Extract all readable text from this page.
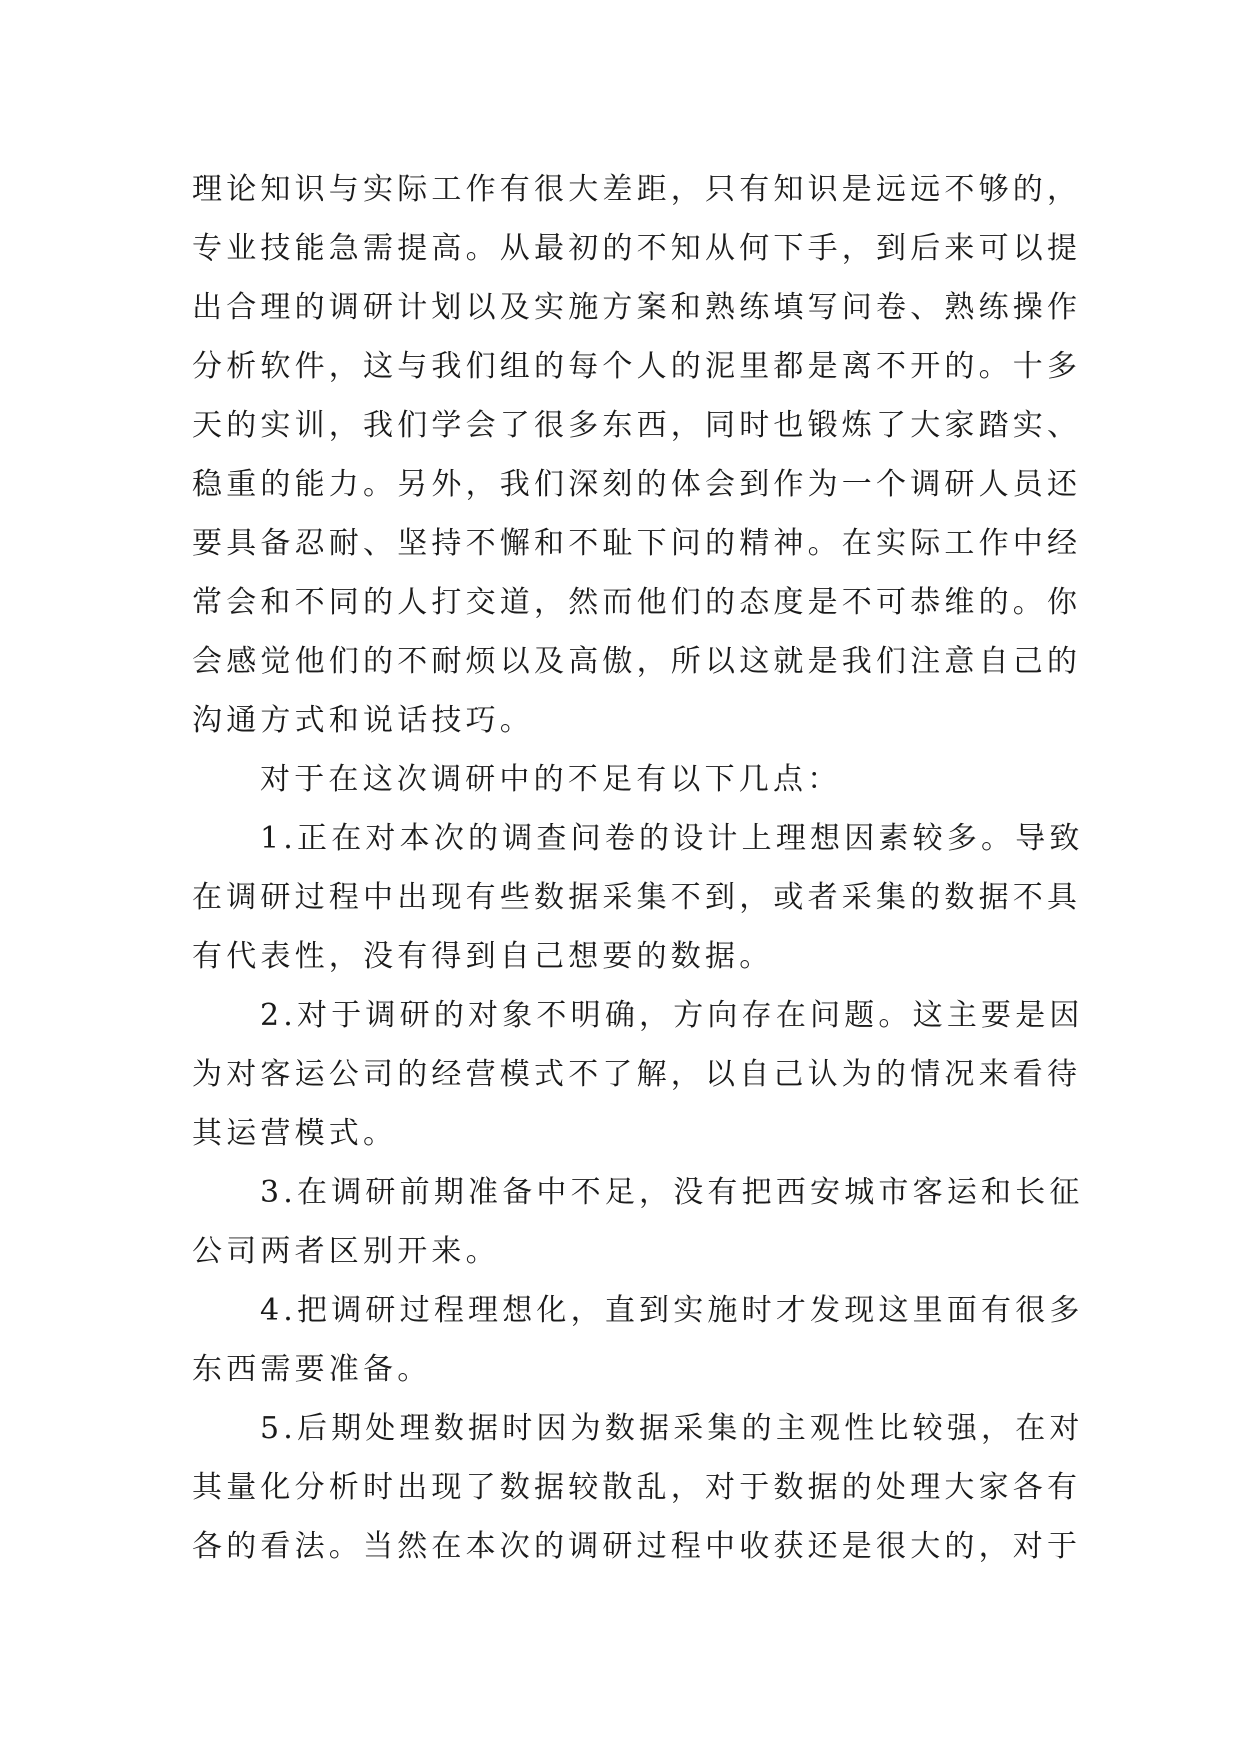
理论知识与实际工作有很大差距，只有知识是远远不够的，
专业技能急需提高。从最初的不知从何下手，到后来可以提
出合理的调研计划以及实施方案和熟练填写问卷、熟练操作
分析软件，这与我们组的每个人的泥里都是离不开的。十多
天的实训，我们学会了很多东西，同时也锻炼了大家踏实、
稳重的能力。另外，我们深刻的体会到作为一个调研人员还
要具备忍耐、坚持不懈和不耻下问的精神。在实际工作中经
常会和不同的人打交道，然而他们的态度是不可恭维的。你
会感觉他们的不耐烦以及高傲，所以这就是我们注意自己的
沟通方式和说话技巧。
对于在这次调研中的不足有以下几点：
1.正在对本次的调查问卷的设计上理想因素较多。导致
在调研过程中出现有些数据采集不到，或者采集的数据不具
有代表性，没有得到自己想要的数据。
2.对于调研的对象不明确，方向存在问题。这主要是因
为对客运公司的经营模式不了解，以自己认为的情况来看待
其运营模式。
3.在调研前期准备中不足，没有把西安城市客运和长征
公司两者区别开来。
4.把调研过程理想化，直到实施时才发现这里面有很多
东西需要准备。
5.后期处理数据时因为数据采集的主观性比较强，在对
其量化分析时出现了数据较散乱，对于数据的处理大家各有
各的看法。当然在本次的调研过程中收获还是很大的，对于
